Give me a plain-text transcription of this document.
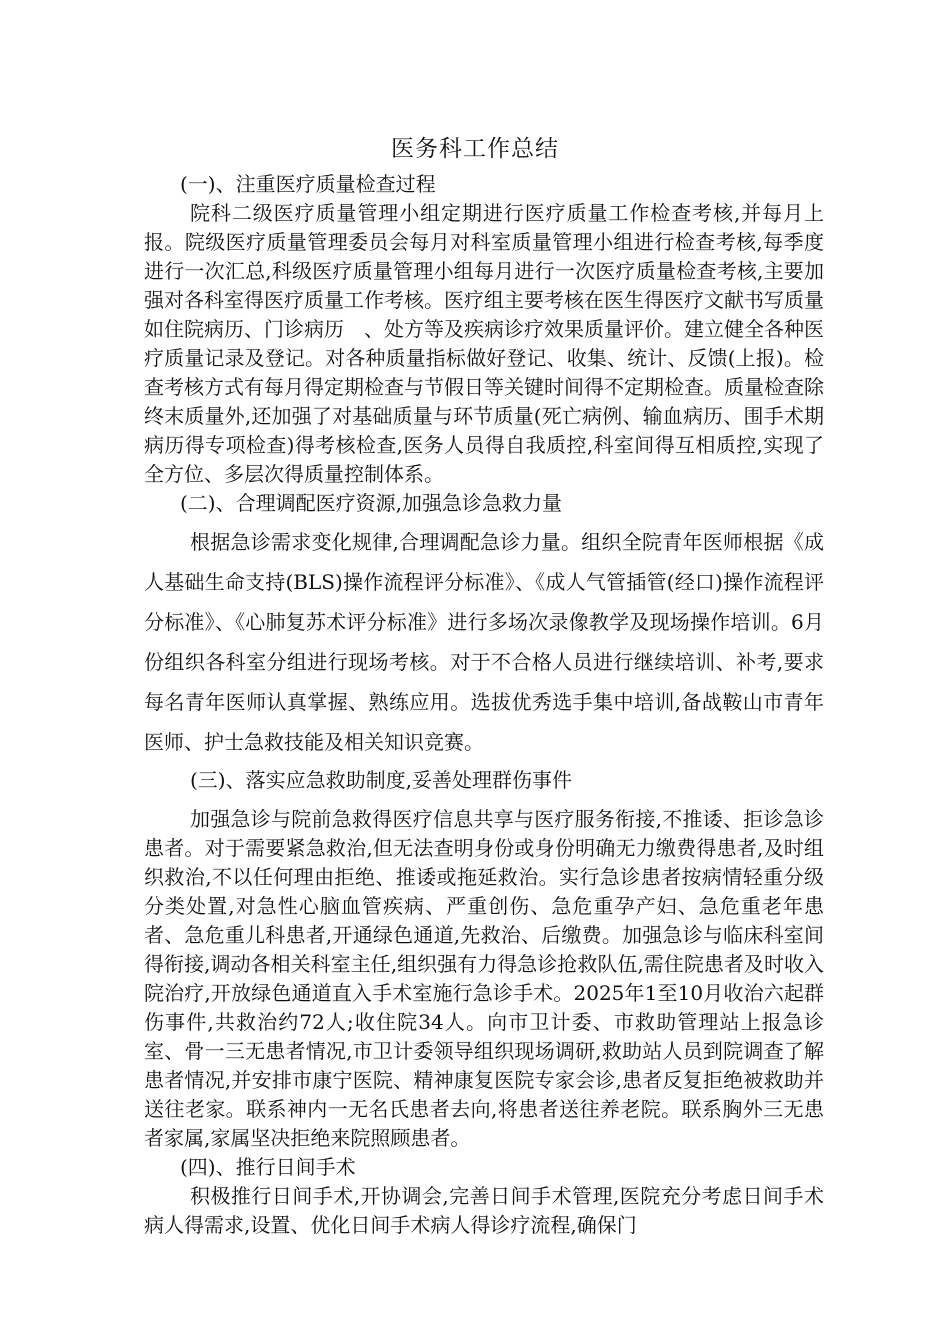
医务科工作总结

(一)、注重医疗质量检查过程

院科二级医疗质量管理小组定期进行医疗质量工作检查考核,并每月上报。院级医疗质量管理委员会每月对科室质量管理小组进行检查考核,每季度进行一次汇总,科级医疗质量管理小组每月进行一次医疗质量检查考核,主要加强对各科室得医疗质量工作考核。医疗组主要考核在医生得医疗文献书写质量如住院病历、门诊病历　、处方等及疾病诊疗效果质量评价。建立健全各种医疗质量记录及登记。对各种质量指标做好登记、收集、统计、反馈(上报)。检查考核方式有每月得定期检查与节假日等关键时间得不定期检查。质量检查除终末质量外,还加强了对基础质量与环节质量(死亡病例、输血病历、围手术期病历得专项检查)得考核检查,医务人员得自我质控,科室间得互相质控,实现了全方位、多层次得质量控制体系。

(二)、合理调配医疗资源,加强急诊急救力量

根据急诊需求变化规律,合理调配急诊力量。组织全院青年医师根据《成人基础生命支持(BLS)操作流程评分标准》、《成人气管插管(经口)操作流程评分标准》、《心肺复苏术评分标准》进行多场次录像教学及现场操作培训。6月份组织各科室分组进行现场考核。对于不合格人员进行继续培训、补考,要求每名青年医师认真掌握、熟练应用。选拔优秀选手集中培训,备战鞍山市青年医师、护士急救技能及相关知识竞赛。

(三)、落实应急救助制度,妥善处理群伤事件

加强急诊与院前急救得医疗信息共享与医疗服务衔接,不推诿、拒诊急诊患者。对于需要紧急救治,但无法查明身份或身份明确无力缴费得患者,及时组织救治,不以任何理由拒绝、推诿或拖延救治。实行急诊患者按病情轻重分级分类处置,对急性心脑血管疾病、严重创伤、急危重孕产妇、急危重老年患者、急危重儿科患者,开通绿色通道,先救治、后缴费。加强急诊与临床科室间得衔接,调动各相关科室主任,组织强有力得急诊抢救队伍,需住院患者及时收入院治疗,开放绿色通道直入手术室施行急诊手术。2025年1至10月收治六起群伤事件,共救治约72人;收住院34人。向市卫计委、市救助管理站上报急诊室、骨一三无患者情况,市卫计委领导组织现场调研,救助站人员到院调查了解患者情况,并安排市康宁医院、精神康复医院专家会诊,患者反复拒绝被救助并送往老家。联系神内一无名氏患者去向,将患者送往养老院。联系胸外三无患者家属,家属坚决拒绝来院照顾患者。

(四)、推行日间手术

积极推行日间手术,开协调会,完善日间手术管理,医院充分考虑日间手术病人得需求,设置、优化日间手术病人得诊疗流程,确保门
